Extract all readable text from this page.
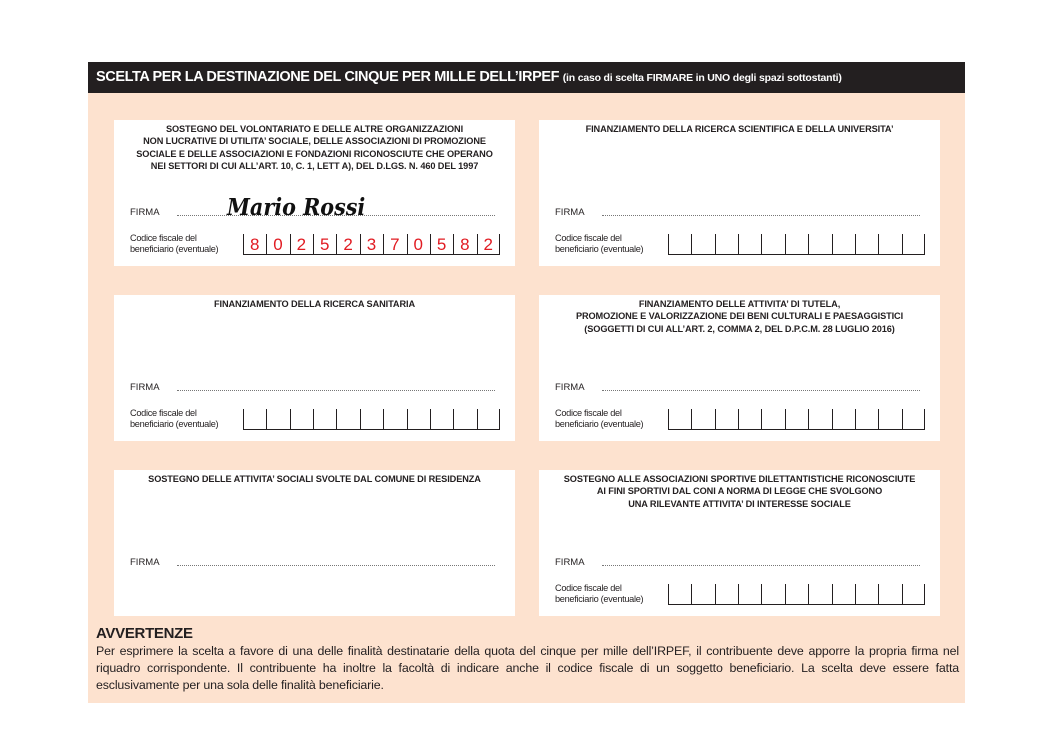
SCELTA PER LA DESTINAZIONE DEL CINQUE PER MILLE DELL’IRPEF (in caso di scelta FIRMARE in UNO degli spazi sottostanti)
SOSTEGNO DEL VOLONTARIATO E DELLE ALTRE ORGANIZZAZIONI
NON LUCRATIVE DI UTILITA’ SOCIALE, DELLE ASSOCIAZIONI DI PROMOZIONE
SOCIALE E DELLE ASSOCIAZIONI E FONDAZIONI RICONOSCIUTE CHE OPERANO
NEI SETTORI DI CUI ALL’ART. 10, C. 1, LETT A), DEL D.LGS. N. 460 DEL 1997
FIRMA	Mario Rossi
Codice fiscale del
beneficiario (eventuale)	8 0 2 5 2 3 7 0 5 8 2
FINANZIAMENTO DELLA RICERCA SCIENTIFICA E DELLA UNIVERSITA’
FIRMA
Codice fiscale del
beneficiario (eventuale)
FINANZIAMENTO DELLA RICERCA SANITARIA
FIRMA
Codice fiscale del
beneficiario (eventuale)
FINANZIAMENTO DELLE ATTIVITA’ DI TUTELA,
PROMOZIONE E VALORIZZAZIONE DEI BENI CULTURALI E PAESAGGISTICI
(SOGGETTI DI CUI ALL’ART. 2, COMMA 2, DEL D.P.C.M. 28 LUGLIO 2016)
FIRMA
Codice fiscale del
beneficiario (eventuale)
SOSTEGNO DELLE ATTIVITA’ SOCIALI SVOLTE DAL COMUNE DI RESIDENZA
FIRMA
SOSTEGNO ALLE ASSOCIAZIONI SPORTIVE DILETTANTISTICHE RICONOSCIUTE
AI FINI SPORTIVI DAL CONI A NORMA DI LEGGE CHE SVOLGONO
UNA RILEVANTE ATTIVITA’ DI INTERESSE SOCIALE
FIRMA
Codice fiscale del
beneficiario (eventuale)
AVVERTENZE
Per esprimere la scelta a favore di una delle finalità destinatarie della quota del cinque per mille dell’IRPEF, il contribuente deve apporre la propria firma nel riquadro corrispondente. Il contribuente ha inoltre la facoltà di indicare anche il codice fiscale di un soggetto beneficiario. La scelta deve essere fatta esclusivamente per una sola delle finalità beneficiarie.
